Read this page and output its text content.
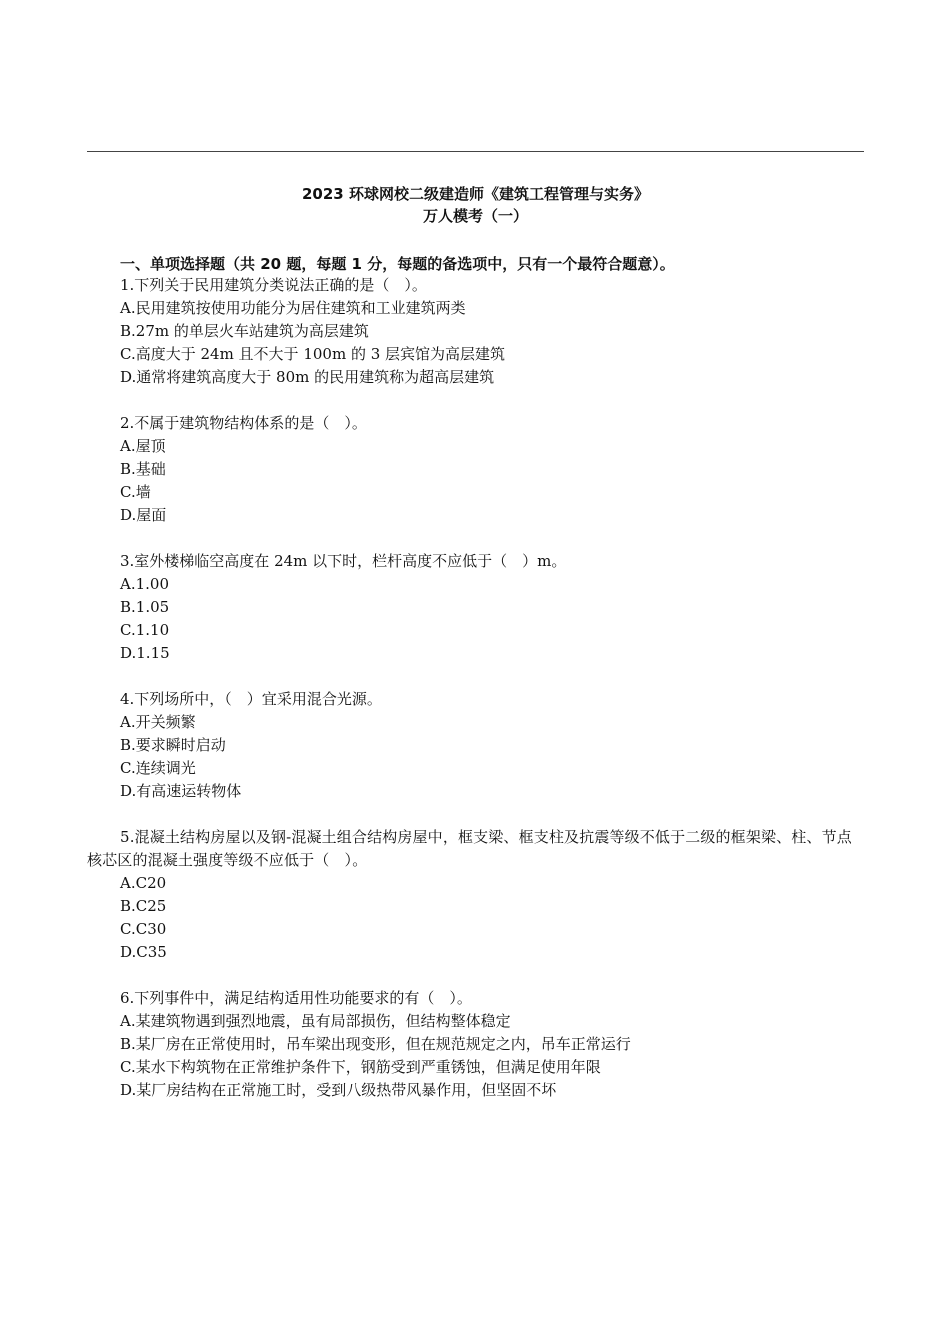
2023 环球网校二级建造师《建筑工程管理与实务》
万人模考（一）
一、单项选择题（共 20 题，每题 1 分，每题的备选项中，只有一个最符合题意）。
1.下列关于民用建筑分类说法正确的是（　）。
A.民用建筑按使用功能分为居住建筑和工业建筑两类
B.27m 的单层火车站建筑为高层建筑
C.高度大于 24m 且不大于 100m 的 3 层宾馆为高层建筑
D.通常将建筑高度大于 80m 的民用建筑称为超高层建筑
2.不属于建筑物结构体系的是（　）。
A.屋顶
B.基础
C.墙
D.屋面
3.室外楼梯临空高度在 24m 以下时，栏杆高度不应低于（　）m。
A.1.00
B.1.05
C.1.10
D.1.15
4.下列场所中，（　）宜采用混合光源。
A.开关频繁
B.要求瞬时启动
C.连续调光
D.有高速运转物体
5.混凝土结构房屋以及钢-混凝土组合结构房屋中，框支梁、框支柱及抗震等级不低于二级的框架梁、柱、节点核芯区的混凝土强度等级不应低于（　）。
A.C20
B.C25
C.C30
D.C35
6.下列事件中，满足结构适用性功能要求的有（　）。
A.某建筑物遇到强烈地震，虽有局部损伤，但结构整体稳定
B.某厂房在正常使用时，吊车梁出现变形，但在规范规定之内，吊车正常运行
C.某水下构筑物在正常维护条件下，钢筋受到严重锈蚀，但满足使用年限
D.某厂房结构在正常施工时，受到八级热带风暴作用，但坚固不坏
